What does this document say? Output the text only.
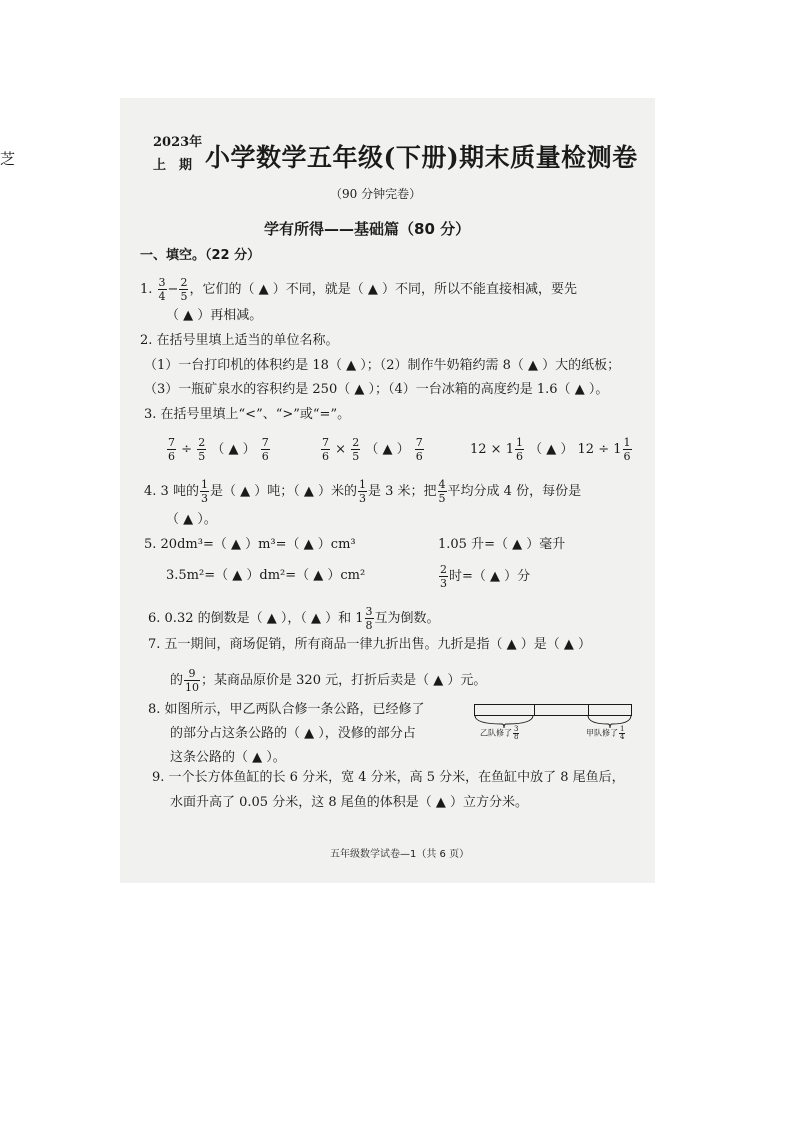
芝
2023年
上　期 小学数学五年级(下册)期末质量检测卷
（90 分钟完卷）
学有所得——基础篇（80 分）
一、填空。（22 分）
1. $\frac{3}{4} - \frac{2}{5}$ ，它们的（ ▲ ）不同，就是（ ▲ ）不同，所以不能直接相减，要先
（ ▲ ）再相减。
2. 在括号里填上适当的单位名称。
（1）一台打印机的体积约是 18（ ▲ ）；（2）制作牛奶箱约需 8（ ▲ ）大的纸板；
（3）一瓶矿泉水的容积约是 250（ ▲ ）；（4）一台冰箱的高度约是 1.6（ ▲ ）。
3. 在括号里填上“<”、“>”或“=”。
$\frac{7}{6} \div \frac{2}{5}$ （ ▲ ） $\frac{7}{6}$	$\frac{7}{6} \times \frac{2}{5}$ （ ▲ ） $\frac{7}{6}$	$12 \times 1 \frac{1}{6}$ （ ▲ ） $12 \div 1 \frac{1}{6}$
4. 3 吨的 $\frac{1}{3}$ 是（ ▲ ）吨；（ ▲ ）米的 $\frac{1}{3}$ 是 3 米；把 $\frac{4}{5}$ 平均分成 4 份，每份是
（ ▲ ）。
5. 20dm³=（ ▲ ）m³=（ ▲ ）cm³	1.05 升=（ ▲ ）毫升
3.5m²=（ ▲ ）dm²=（ ▲ ）cm²	$\frac{2}{3}$ 时=（ ▲ ）分
6. 0.32 的倒数是（ ▲ ），（ ▲ ）和 $1 \frac{3}{8}$ 互为倒数。
7. 五一期间，商场促销，所有商品一律九折出售。九折是指（ ▲ ）是（ ▲ ）
的 $\frac{9}{10}$ ；某商品原价是 320 元，打折后卖是（ ▲ ）元。
8. 如图所示，甲乙两队合修一条公路，已经修了
的部分占这条公路的（ ▲ ），没修的部分占
这条公路的（ ▲ ）。
乙队修了 $\frac{3}{8}$	甲队修了 $\frac{1}{4}$
9. 一个长方体鱼缸的长 6 分米，宽 4 分米，高 5 分米，在鱼缸中放了 8 尾鱼后，
水面升高了 0.05 分米，这 8 尾鱼的体积是（ ▲ ）立方分米。
五年级数学试卷—1（共 6 页）
